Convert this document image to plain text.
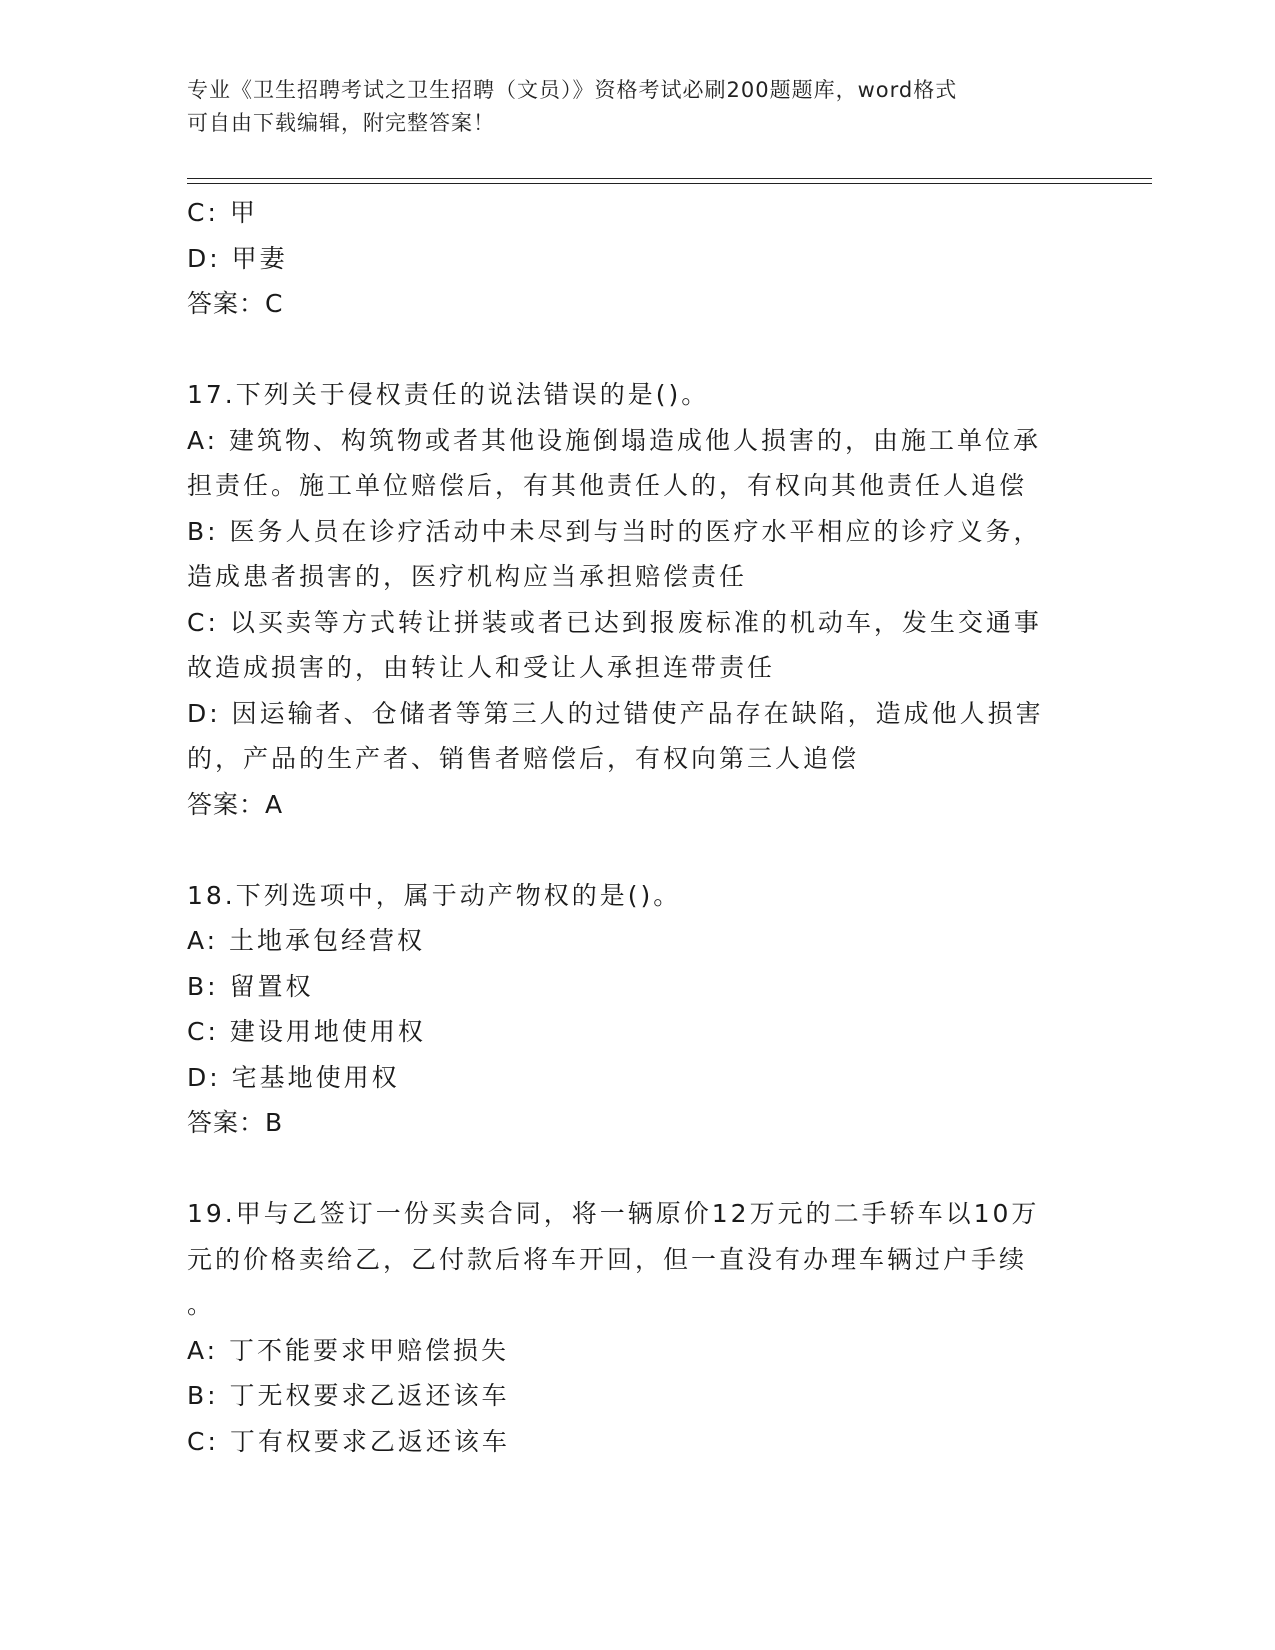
专业《卫生招聘考试之卫生招聘（文员）》资格考试必刷200题题库，word格式
可自由下载编辑，附完整答案！
C: 甲
D: 甲妻
答案：C
17.下列关于侵权责任的说法错误的是()。
A: 建筑物、构筑物或者其他设施倒塌造成他人损害的，由施工单位承
担责任。施工单位赔偿后，有其他责任人的，有权向其他责任人追偿
B: 医务人员在诊疗活动中未尽到与当时的医疗水平相应的诊疗义务，
造成患者损害的，医疗机构应当承担赔偿责任
C: 以买卖等方式转让拼装或者已达到报废标准的机动车，发生交通事
故造成损害的，由转让人和受让人承担连带责任
D: 因运输者、仓储者等第三人的过错使产品存在缺陷，造成他人损害
的，产品的生产者、销售者赔偿后，有权向第三人追偿
答案：A
18.下列选项中，属于动产物权的是()。
A: 土地承包经营权
B: 留置权
C: 建设用地使用权
D: 宅基地使用权
答案：B
19.甲与乙签订一份买卖合同，将一辆原价12万元的二手轿车以10万
元的价格卖给乙，乙付款后将车开回，但一直没有办理车辆过户手续
。
A: 丁不能要求甲赔偿损失
B: 丁无权要求乙返还该车
C: 丁有权要求乙返还该车
